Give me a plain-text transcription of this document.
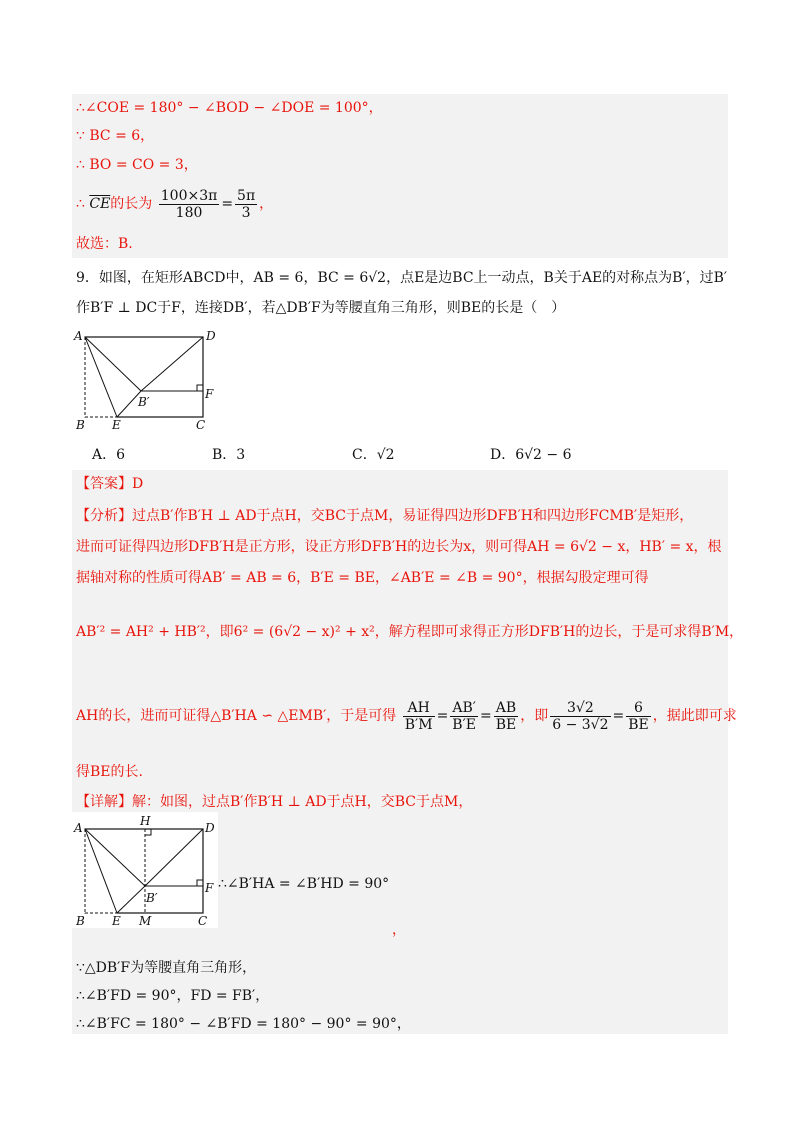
∴∠COE = 180° − ∠BOD − ∠DOE = 100°，
∵ BC = 6，
∴ BO = CO = 3，
∴ $\overline{CE}$的长为 $\frac{100\times 3\pi}{180} = \frac{5\pi}{3}$ ，
故选：B.
9．如图，在矩形ABCD中，AB = 6，BC = 6√2，点E是边BC上一动点，B关于AE的对称点为B′，过B′
作B′F ⊥ DC于F，连接DB′，若△DB′F为等腰直角三角形，则BE的长是（　）
A	D
B E	C
F
B′
A．6	B．3	C．√2	D．6√2 − 6
【答案】D
【分析】过点B′作B′H ⊥ AD于点H，交BC于点M，易证得四边形DFB′H和四边形FCMB′是矩形，
进而可证得四边形DFB′H是正方形，设正方形DFB′H的边长为x，则可得AH = 6√2 − x，HB′ = x，根
据轴对称的性质可得AB′ = AB = 6，B′E = BE，∠AB′E = ∠B = 90°，根据勾股定理可得
AB′² = AH² + HB′²，即6² = (6√2 − x)² + x²，解方程即可求得正方形DFB′H的边长，于是可求得B′M，
AH的长，进而可证得△B′HA ∽ △EMB′，于是可得 $\frac{AH}{B'M} = \frac{AB'}{B'E} = \frac{AB}{BE}$ ，即 $\frac{3√2}{6 - 3√2} = \frac{6}{BE}$ ，据此即可求
得BE的长.
【详解】解：如图，过点B′作B′H ⊥ AD于点H，交BC于点M，
A	H	D
B E M	C
F
B′
∴∠B′HA = ∠B′HD = 90°
，
∵△DB′F为等腰直角三角形，
∴∠B′FD = 90°，FD = FB′，
∴∠B′FC = 180° − ∠B′FD = 180° − 90° = 90°，
